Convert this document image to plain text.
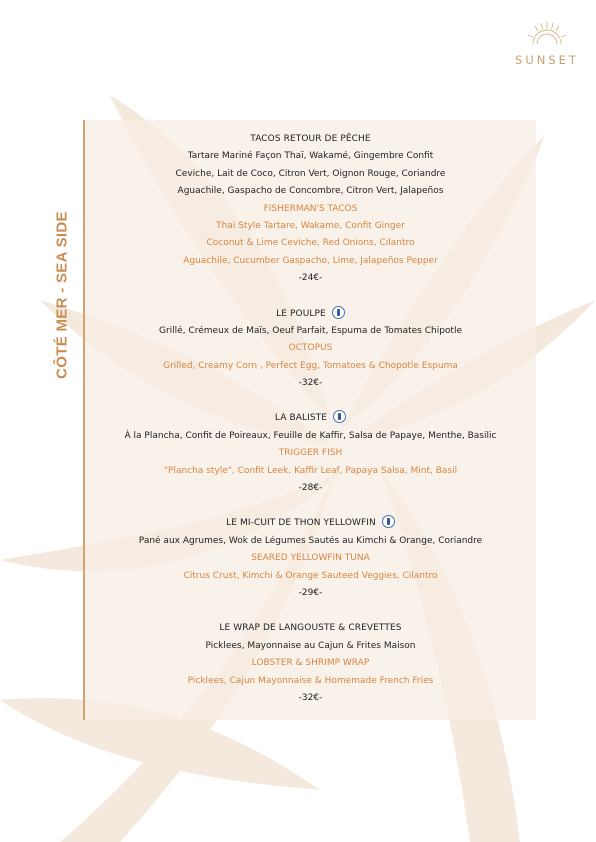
SUNSET
CÔTÉ MER - SEA SIDE
TACOS RETOUR DE PÊCHE
Tartare Mariné Façon Thaï, Wakamé, Gingembre Confit
Ceviche, Lait de Coco, Citron Vert, Oignon Rouge, Coriandre
Aguachile, Gaspacho de Concombre, Citron Vert, Jalapeños
FISHERMAN'S TACOS
Thai Style Tartare, Wakame, Confit Ginger
Coconut & Lime Ceviche, Red Onions, Cilantro
Aguachile, Cucumber Gaspacho, Lime, Jalapeños Pepper
-24€-
LE POULPE
Grillé, Crémeux de Maïs, Oeuf Parfait, Espuma de Tomates Chipotle
OCTOPUS
Grilled, Creamy Corn , Perfect Egg, Tomatoes & Chopotle Espuma
-32€-
LA BALISTE
À la Plancha, Confit de Poireaux, Feuille de Kaffir, Salsa de Papaye, Menthe, Basilic
TRIGGER FISH
"Plancha style", Confit Leek, Kaffir Leaf, Papaya Salsa, Mint, Basil
-28€-
LE MI-CUIT DE THON YELLOWFIN
Pané aux Agrumes, Wok de Légumes Sautés au Kimchi & Orange, Coriandre
SEARED YELLOWFIN TUNA
Citrus Crust, Kimchi & Orange Sauteed Veggies, Cilantro
-29€-
LE WRAP DE LANGOUSTE & CREVETTES
Picklees, Mayonnaise au Cajun & Frites Maison
LOBSTER & SHRIMP WRAP
Picklees, Cajun Mayonnaise & Homemade French Fries
-32€-
